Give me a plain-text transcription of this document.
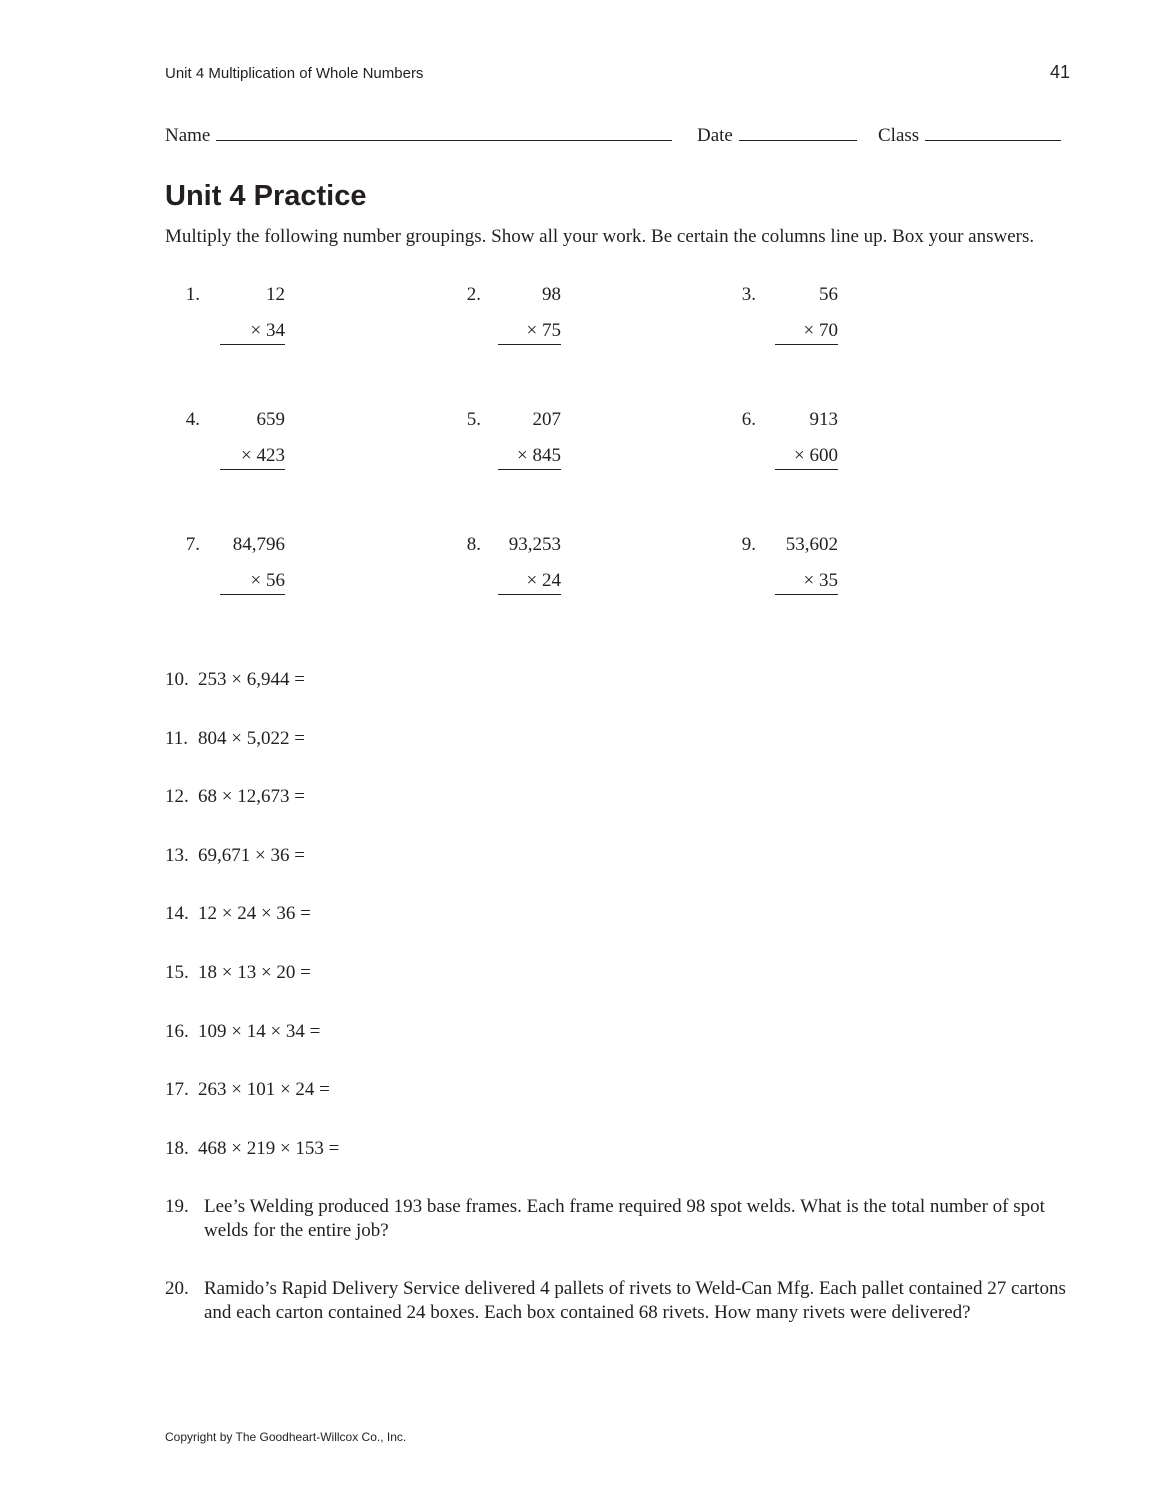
Unit 4 Multiplication of Whole Numbers	41
Name	Date	Class
Unit 4 Practice
Multiply the following number groupings. Show all your work. Be certain the columns line up. Box your answers.
1.	12
× 34
2.	98
× 75
3.	56
× 70
4.	659
× 423
5.	207
× 845
6.	913
× 600
7.	84,796
× 56
8.	93,253
× 24
9.	53,602
× 35
10. 253 × 6,944 =
11. 804 × 5,022 =
12. 68 × 12,673 =
13. 69,671 × 36 =
14. 12 × 24 × 36 =
15. 18 × 13 × 20 =
16. 109 × 14 × 34 =
17. 263 × 101 × 24 =
18. 468 × 219 × 153 =
19. Lee’s Welding produced 193 base frames. Each frame required 98 spot welds. What is the total number of spot welds for the entire job?
20. Ramido’s Rapid Delivery Service delivered 4 pallets of rivets to Weld-Can Mfg. Each pallet contained 27 cartons and each carton contained 24 boxes. Each box contained 68 rivets. How many rivets were delivered?
Copyright by The Goodheart-Willcox Co., Inc.
